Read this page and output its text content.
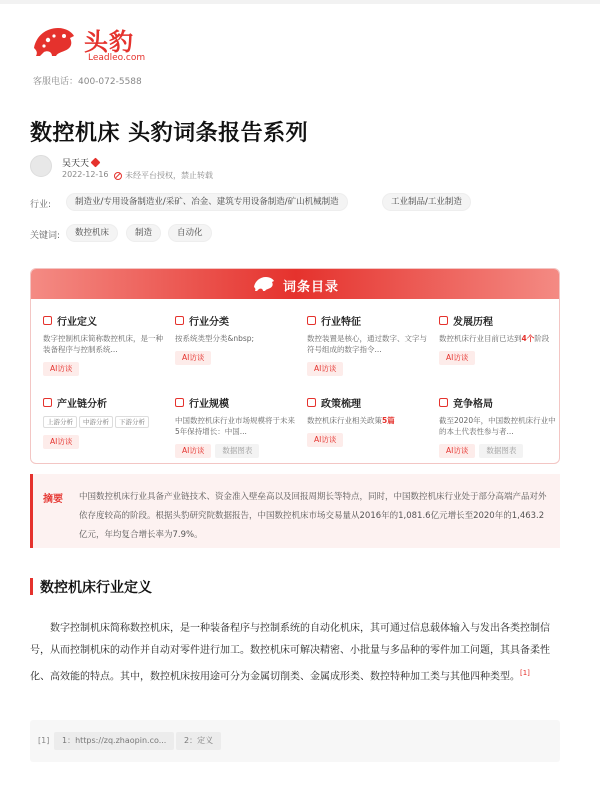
头豹
Leadleo.com
客服电话：400-072-5588
数控机床 头豹词条报告系列
吴天天
2022-12-16 未经平台授权，禁止转载
行业:	制造业/专用设备制造业/采矿、冶金、建筑专用设备制造/矿山机械制造	工业制品/工业制造
关键词:	数控机床	制造	自动化
词条目录
行业定义
数字控制机床简称数控机床，是一种装备程序与控制系统...
AI访谈
行业分类
按系统类型分类&nbsp;
AI访谈
行业特征
数控装置是核心，通过数字、文字与符号组成的数字指令...
AI访谈
发展历程
数控机床行业目前已达到4个阶段
AI访谈
产业链分析
上游分析 中游分析 下游分析
AI访谈
行业规模
中国数控机床行业市场规模将于未来5年保持增长：中国...
AI访谈 数据图表
政策梳理
数控机床行业相关政策5篇
AI访谈
竞争格局
截至2020年，中国数控机床行业中的本土代表性参与者...
AI访谈 数据图表
摘要 中国数控机床行业具备产业链技术、资金准入壁垒高以及回报周期长等特点，同时，中国数控机床行业处于部分高端产品对外依存度较高的阶段。根据头豹研究院数据报告，中国数控机床市场交易量从2016年的1,081.6亿元增长至2020年的1,463.2亿元，年均复合增长率为7.9%。
数控机床行业定义
数字控制机床简称数控机床，是一种装备程序与控制系统的自动化机床，其可通过信息载体输入与发出各类控制信号，从而控制机床的动作并自动对零件进行加工。数控机床可解决精密、小批量与多品种的零件加工问题，其具备柔性化、高效能的特点。其中，数控机床按用途可分为金属切削类、金属成形类、数控特种加工类与其他四种类型。[1]
[1]	1：https://zq.zhaopin.co...	2：定义
